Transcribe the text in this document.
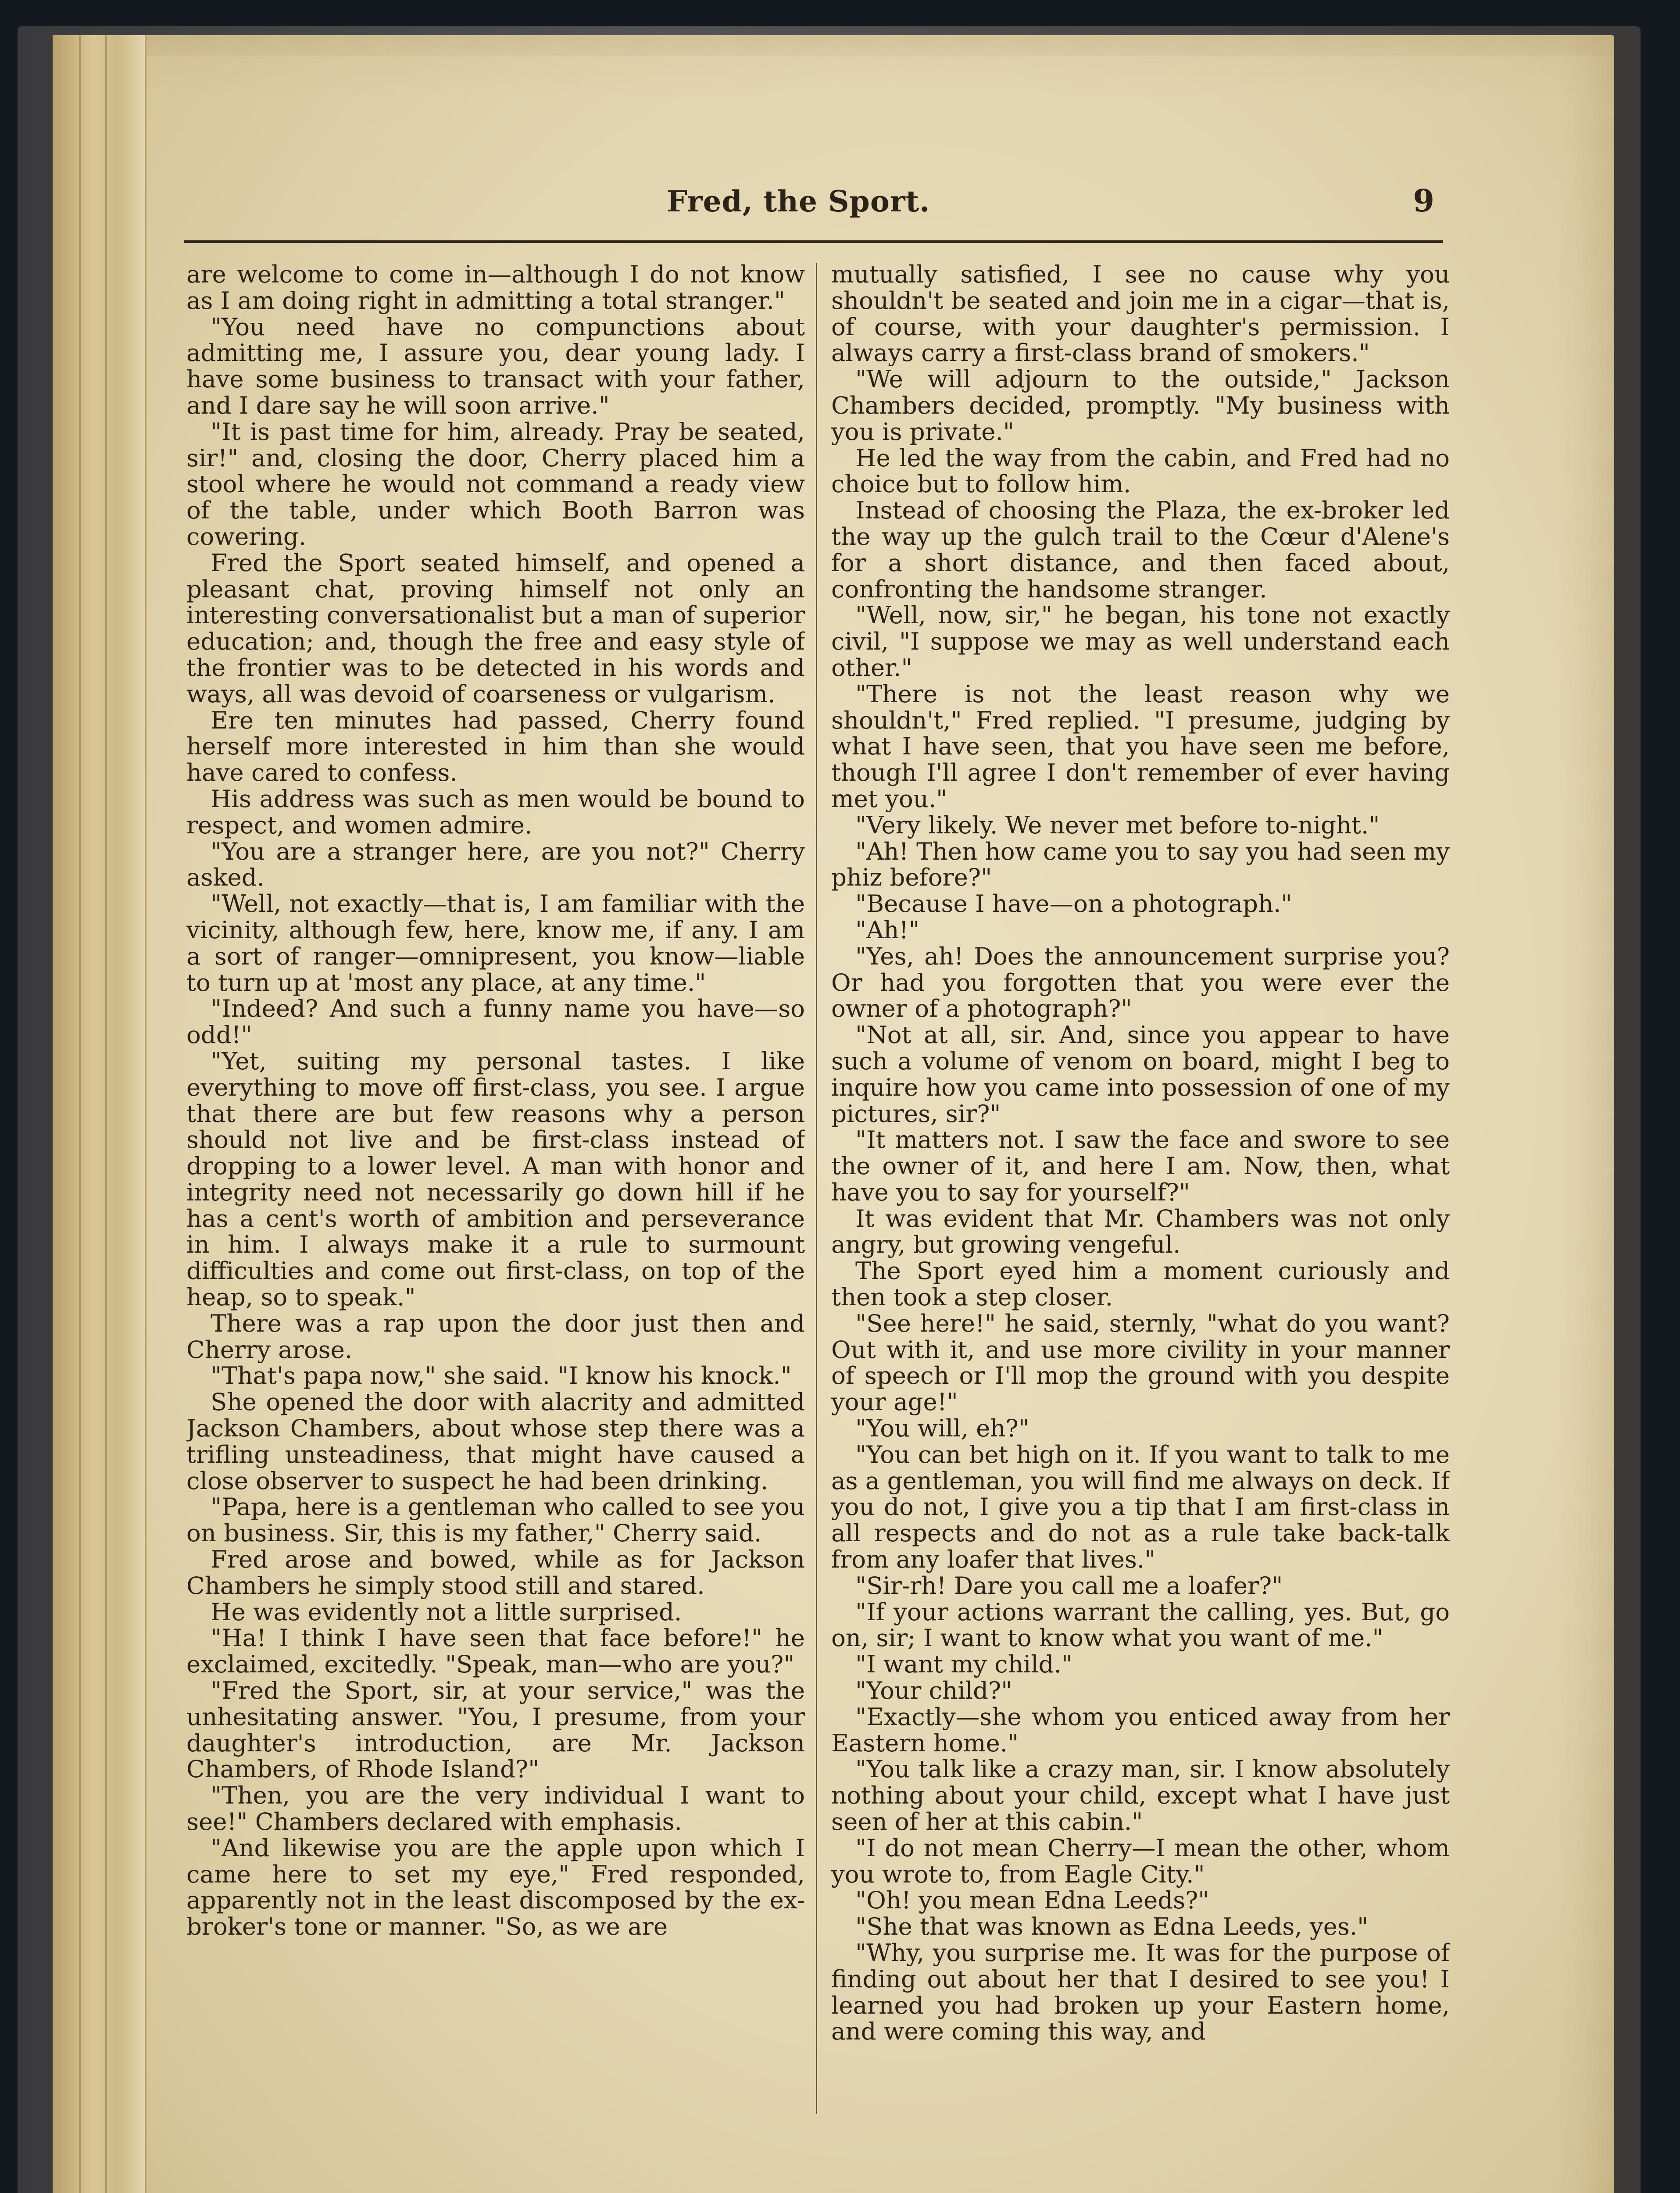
Fred, the Sport.	9

are welcome to come in—although I do not know as I am doing right in admitting a total stranger."

"You need have no compunctions about admitting me, I assure you, dear young lady. I have some business to transact with your father, and I dare say he will soon arrive."

"It is past time for him, already. Pray be seated, sir!" and, closing the door, Cherry placed him a stool where he would not command a ready view of the table, under which Booth Barron was cowering.

Fred the Sport seated himself, and opened a pleasant chat, proving himself not only an interesting conversationalist but a man of superior education; and, though the free and easy style of the frontier was to be detected in his words and ways, all was devoid of coarseness or vulgarism.

Ere ten minutes had passed, Cherry found herself more interested in him than she would have cared to confess.

His address was such as men would be bound to respect, and women admire.

"You are a stranger here, are you not?" Cherry asked.

"Well, not exactly—that is, I am familiar with the vicinity, although few, here, know me, if any. I am a sort of ranger—omnipresent, you know—liable to turn up at 'most any place, at any time."

"Indeed? And such a funny name you have—so odd!"

"Yet, suiting my personal tastes. I like everything to move off first-class, you see. I argue that there are but few reasons why a person should not live and be first-class instead of dropping to a lower level. A man with honor and integrity need not necessarily go down hill if he has a cent's worth of ambition and perseverance in him. I always make it a rule to surmount difficulties and come out first-class, on top of the heap, so to speak."

There was a rap upon the door just then and Cherry arose.

"That's papa now," she said. "I know his knock."

She opened the door with alacrity and admitted Jackson Chambers, about whose step there was a trifling unsteadiness, that might have caused a close observer to suspect he had been drinking.

"Papa, here is a gentleman who called to see you on business. Sir, this is my father," Cherry said.

Fred arose and bowed, while as for Jackson Chambers he simply stood still and stared.

He was evidently not a little surprised.

"Ha! I think I have seen that face before!" he exclaimed, excitedly. "Speak, man—who are you?"

"Fred the Sport, sir, at your service," was the unhesitating answer. "You, I presume, from your daughter's introduction, are Mr. Jackson Chambers, of Rhode Island?"

"Then, you are the very individual I want to see!" Chambers declared with emphasis.

"And likewise you are the apple upon which I came here to set my eye," Fred responded, apparently not in the least discomposed by the ex-broker's tone or manner. "So, as we are

mutually satisfied, I see no cause why you shouldn't be seated and join me in a cigar—that is, of course, with your daughter's permission. I always carry a first-class brand of smokers."

"We will adjourn to the outside," Jackson Chambers decided, promptly. "My business with you is private."

He led the way from the cabin, and Fred had no choice but to follow him.

Instead of choosing the Plaza, the ex-broker led the way up the gulch trail to the Cœur d'Alene's for a short distance, and then faced about, confronting the handsome stranger.

"Well, now, sir," he began, his tone not exactly civil, "I suppose we may as well understand each other."

"There is not the least reason why we shouldn't," Fred replied. "I presume, judging by what I have seen, that you have seen me before, though I'll agree I don't remember of ever having met you."

"Very likely. We never met before to-night."

"Ah! Then how came you to say you had seen my phiz before?"

"Because I have—on a photograph."

"Ah!"

"Yes, ah! Does the announcement surprise you? Or had you forgotten that you were ever the owner of a photograph?"

"Not at all, sir. And, since you appear to have such a volume of venom on board, might I beg to inquire how you came into possession of one of my pictures, sir?"

"It matters not. I saw the face and swore to see the owner of it, and here I am. Now, then, what have you to say for yourself?"

It was evident that Mr. Chambers was not only angry, but growing vengeful.

The Sport eyed him a moment curiously and then took a step closer.

"See here!" he said, sternly, "what do you want? Out with it, and use more civility in your manner of speech or I'll mop the ground with you despite your age!"

"You will, eh?"

"You can bet high on it. If you want to talk to me as a gentleman, you will find me always on deck. If you do not, I give you a tip that I am first-class in all respects and do not as a rule take back-talk from any loafer that lives."

"Sir-rh! Dare you call me a loafer?"

"If your actions warrant the calling, yes. But, go on, sir; I want to know what you want of me."

"I want my child."

"Your child?"

"Exactly—she whom you enticed away from her Eastern home."

"You talk like a crazy man, sir. I know absolutely nothing about your child, except what I have just seen of her at this cabin."

"I do not mean Cherry—I mean the other, whom you wrote to, from Eagle City."

"Oh! you mean Edna Leeds?"

"She that was known as Edna Leeds, yes."

"Why, you surprise me. It was for the purpose of finding out about her that I desired to see you! I learned you had broken up your Eastern home, and were coming this way, and
